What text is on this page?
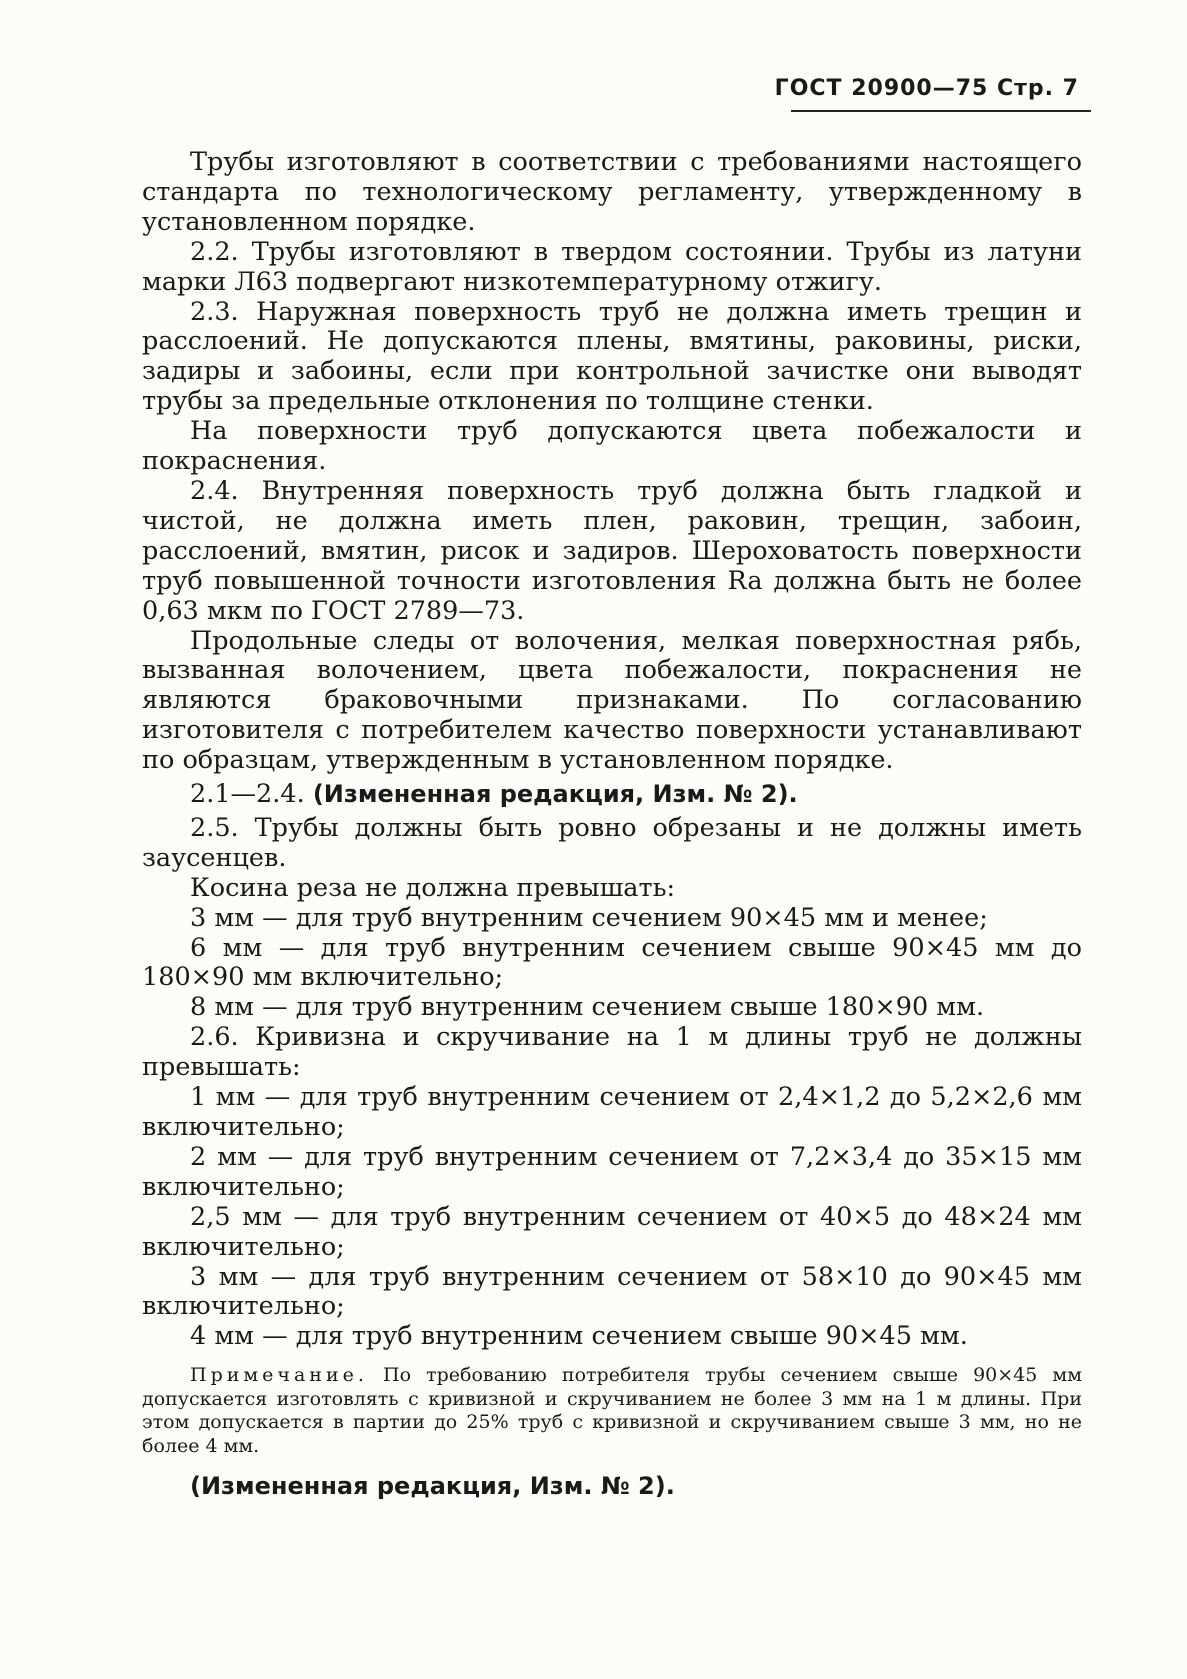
ГОСТ 20900—75 Стр. 7

Трубы изготовляют в соответствии с требованиями настоящего стандарта по технологическому регламенту, утвержденному в установленном порядке.

2.2. Трубы изготовляют в твердом состоянии. Трубы из латуни марки Л63 подвергают низкотемпературному отжигу.

2.3. Наружная поверхность труб не должна иметь трещин и расслоений. Не допускаются плены, вмятины, раковины, риски, задиры и забоины, если при контрольной зачистке они выводят трубы за предельные отклонения по толщине стенки.

На поверхности труб допускаются цвета побежалости и покраснения.

2.4. Внутренняя поверхность труб должна быть гладкой и чистой, не должна иметь плен, раковин, трещин, забоин, расслоений, вмятин, рисок и задиров. Шероховатость поверхности труб повышенной точности изготовления Ra должна быть не более 0,63 мкм по ГОСТ 2789—73.

Продольные следы от волочения, мелкая поверхностная рябь, вызванная волочением, цвета побежалости, покраснения не являются браковочными признаками. По согласованию изготовителя с потребителем качество поверхности устанавливают по образцам, утвержденным в установленном порядке.

2.1—2.4. (Измененная редакция, Изм. № 2).

2.5. Трубы должны быть ровно обрезаны и не должны иметь заусенцев.

Косина реза не должна превышать:

3 мм — для труб внутренним сечением 90×45 мм и менее;

6 мм — для труб внутренним сечением свыше 90×45 мм до 180×90 мм включительно;

8 мм — для труб внутренним сечением свыше 180×90 мм.

2.6. Кривизна и скручивание на 1 м длины труб не должны превышать:

1 мм — для труб внутренним сечением от 2,4×1,2 до 5,2×2,6 мм включительно;

2 мм — для труб внутренним сечением от 7,2×3,4 до 35×15 мм включительно;

2,5 мм — для труб внутренним сечением от 40×5 до 48×24 мм включительно;

3 мм — для труб внутренним сечением от 58×10 до 90×45 мм включительно;

4 мм — для труб внутренним сечением свыше 90×45 мм.

Примечание. По требованию потребителя трубы сечением свыше 90×45 мм допускается изготовлять с кривизной и скручиванием не более 3 мм на 1 м длины. При этом допускается в партии до 25% труб с кривизной и скручиванием свыше 3 мм, но не более 4 мм.

(Измененная редакция, Изм. № 2).
